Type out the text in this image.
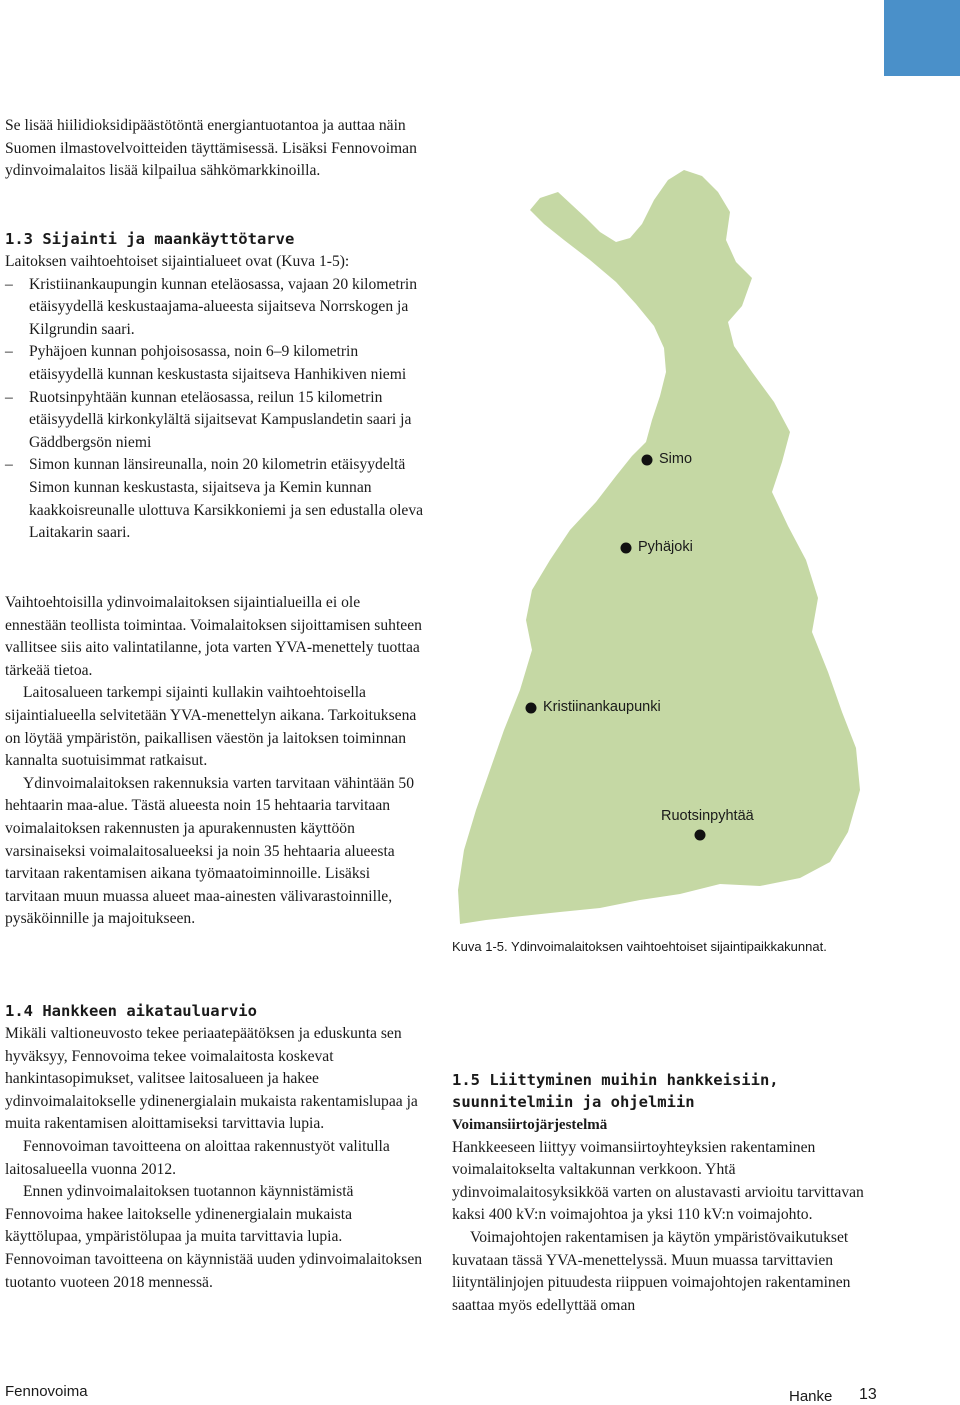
Se lisää hiilidioksidipäästötöntä energiantuotantoa ja auttaa näin Suomen ilmastovelvoitteiden täyttämisessä. Lisäksi Fennovoiman ydinvoimalaitos lisää kilpailua sähkömarkkinoilla.

1.3 Sijainti ja maankäyttötarve

Laitoksen vaihtoehtoiset sijaintialueet ovat (Kuva 1-5):

– Kristiinankaupungin kunnan eteläosassa, vajaan 20 kilometrin etäisyydellä keskustaajama-alueesta sijaitseva Norrskogen ja Kilgrundin saari.
– Pyhäjoen kunnan pohjoisosassa, noin 6–9 kilometrin etäisyydellä kunnan keskustasta sijaitseva Hanhikiven niemi
– Ruotsinpyhtään kunnan eteläosassa, reilun 15 kilometrin etäisyydellä kirkonkylältä sijaitsevat Kampuslandetin saari ja Gäddbergsön niemi
– Simon kunnan länsireunalla, noin 20 kilometrin etäisyydeltä Simon kunnan keskustasta, sijaitseva ja Kemin kunnan kaakkoisreunalle ulottuva Karsikkoniemi ja sen edustalla oleva Laitakarin saari.

Vaihtoehtoisilla ydinvoimalaitoksen sijaintialueilla ei ole ennestään teollista toimintaa. Voimalaitoksen sijoittamisen suhteen vallitsee siis aito valintatilanne, jota varten YVA-menettely tuottaa tärkeää tietoa.

Laitosalueen tarkempi sijainti kullakin vaihtoehtoisella sijaintialueella selvitetään YVA-menettelyn aikana. Tarkoituksena on löytää ympäristön, paikallisen väestön ja laitoksen toiminnan kannalta suotuisimmat ratkaisut.

Ydinvoimalaitoksen rakennuksia varten tarvitaan vähintään 50 hehtaarin maa-alue. Tästä alueesta noin 15 hehtaaria tarvitaan voimalaitoksen rakennusten ja apurakennusten käyttöön varsinaiseksi voimalaitosalueeksi ja noin 35 hehtaaria alueesta tarvitaan rakentamisen aikana työmaatoiminnoille. Lisäksi tarvitaan muun muassa alueet maa-ainesten välivarastoinnille, pysäköinnille ja majoitukseen.

Simo
Pyhäjoki
Kristiinankaupunki
Ruotsinpyhtää

Kuva 1-5. Ydinvoimalaitoksen vaihtoehtoiset sijaintipaikkakunnat.

1.4 Hankkeen aikatauluarvio

Mikäli valtioneuvosto tekee periaatepäätöksen ja eduskunta sen hyväksyy, Fennovoima tekee voimalaitosta koskevat hankintasopimukset, valitsee laitosalueen ja hakee ydinvoimalaitokselle ydinenergialain mukaista rakentamislupaa ja muita rakentamisen aloittamiseksi tarvittavia lupia.

Fennovoiman tavoitteena on aloittaa rakennustyöt valitulla laitosalueella vuonna 2012.

Ennen ydinvoimalaitoksen tuotannon käynnistämistä Fennovoima hakee laitokselle ydinenergialain mukaista käyttölupaa, ympäristölupaa ja muita tarvittavia lupia. Fennovoiman tavoitteena on käynnistää uuden ydinvoimalaitoksen tuotanto vuoteen 2018 mennessä.

1.5 Liittyminen muihin hankkeisiin, suunnitelmiin ja ohjelmiin

Voimansiirtojärjestelmä

Hankkeeseen liittyy voimansiirtoyhteyksien rakentaminen voimalaitokselta valtakunnan verkkoon. Yhtä ydinvoimalaitosyksikköä varten on alustavasti arvioitu tarvittavan kaksi 400 kV:n voimajohtoa ja yksi 110 kV:n voimajohto.

Voimajohtojen rakentamisen ja käytön ympäristövaikutukset kuvataan tässä YVA-menettelyssä. Muun muassa tarvittavien liityntälinjojen pituudesta riippuen voimajohtojen rakentaminen saattaa myös edellyttää oman

Fennovoima	Hanke 13
